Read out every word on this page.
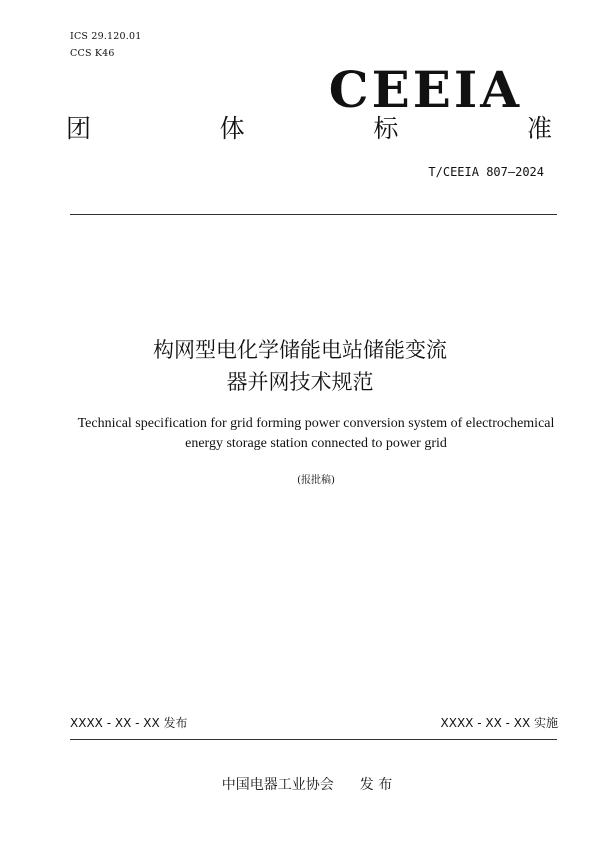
ICS 29.120.01
CCS K46
CEEIA
团	体	标	准
T/CEEIA 807—2024
构网型电化学储能电站储能变流
器并网技术规范
Technical specification for grid forming power conversion system of electrochemical
energy storage station connected to power grid
(报批稿)
XXXX - XX - XX 发布	XXXX - XX - XX 实施
中国电器工业协会 发 布
